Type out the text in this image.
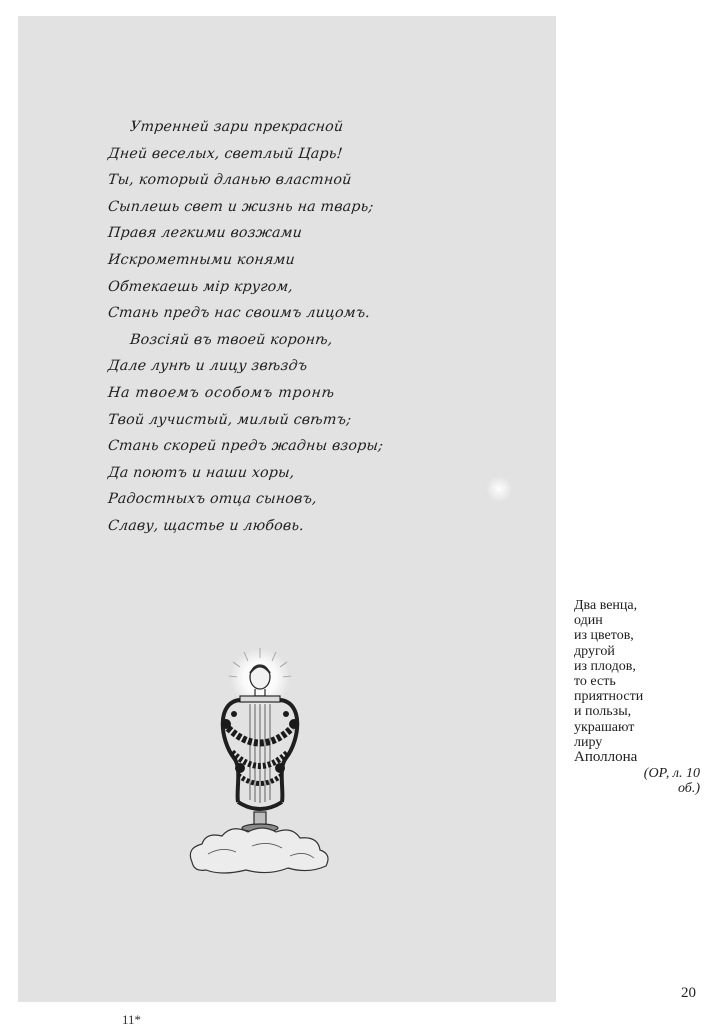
Утренней зари прекрасной
Дней веселых, светлый Царь!
Ты, который дланью властной
Сыплешь свет и жизнь на тварь;
Правя легкими возжами
Искрометными конями
Обтекаешь мір кругом,
Стань предъ нас своимъ лицомъ.
Возсіяй въ твоей коронѣ,
Дале лунѣ и лицу звѣздъ
На твоемъ особомъ тронѣ
Твой лучистый, милый свѣтъ;
Стань скорей предъ жадны взоры;
Да поютъ и наши хоры,
Радостныхъ отца сыновъ,
Славу, щастье и любовь.
Два венца,
один
из цветов,
другой
из плодов,
то есть
приятности
и пользы,
украшают
лиру
Аполлона
(ОР, л. 10
об.)
20
11*
